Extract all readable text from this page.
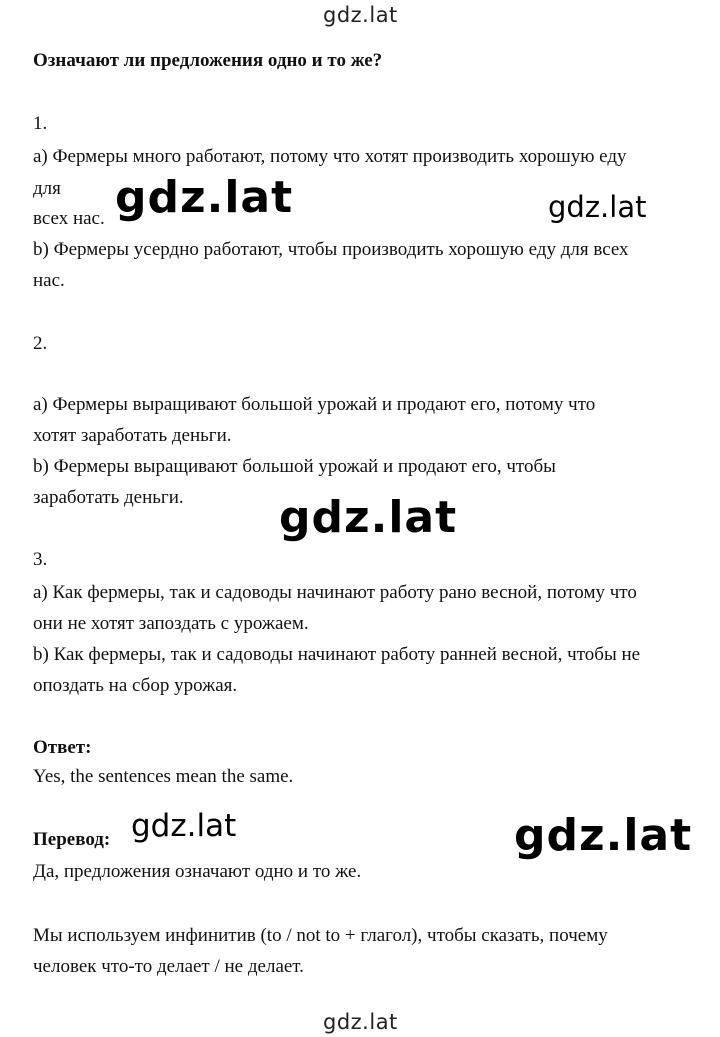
gdz.lat
Означают ли предложения одно и то же?
1.
a) Фермеры много работают, потому что хотят производить хорошую еду
для
всех нас.
b) Фермеры усердно работают, чтобы производить хорошую еду для всех
нас.
gdz.lat	gdz.lat
2.
a) Фермеры выращивают большой урожай и продают его, потому что
хотят заработать деньги.
b) Фермеры выращивают большой урожай и продают его, чтобы
заработать деньги. gdz.lat
3.
a) Как фермеры, так и садоводы начинают работу рано весной, потому что
они не хотят запоздать с урожаем.
b) Как фермеры, так и садоводы начинают работу ранней весной, чтобы не
опоздать на сбор урожая.
Ответ:
Yes, the sentences mean the same.
Перевод: gdz.lat	gdz.lat
Да, предложения означают одно и то же.
Мы используем инфинитив (to / not to + глагол), чтобы сказать, почему
человек что-то делает / не делает.
gdz.lat
